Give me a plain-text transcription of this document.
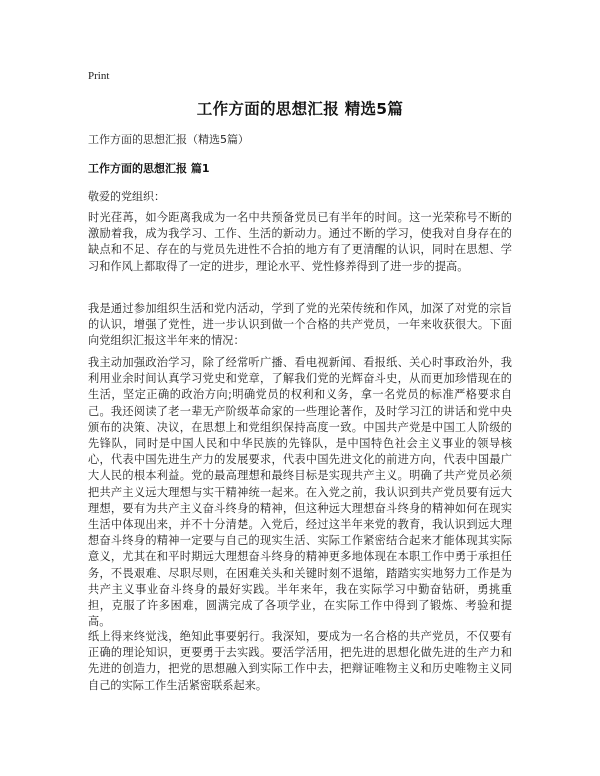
Print
工作方面的思想汇报 精选5篇
工作方面的思想汇报（精选5篇）
工作方面的思想汇报 篇1
敬爱的党组织：

时光荏苒，如今距离我成为一名中共预备党员已有半年的时间。这一光荣称号不断的激励着我，成为我学习、工作、生活的新动力。通过不断的学习，使我对自身存在的缺点和不足、存在的与党员先进性不合拍的地方有了更清醒的认识，同时在思想、学习和作风上都取得了一定的进步，理论水平、党性修养得到了进一步的提高。

我是通过参加组织生活和党内活动，学到了党的光荣传统和作风，加深了对党的宗旨的认识，增强了党性，进一步认识到做一个合格的共产党员，一年来收获很大。下面向党组织汇报这半年来的情况：

我主动加强政治学习，除了经常听广播、看电视新闻、看报纸、关心时事政治外，我利用业余时间认真学习党史和党章，了解我们党的光辉奋斗史，从而更加珍惜现在的生活，坚定正确的政治方向;明确党员的权利和义务，拿一名党员的标准严格要求自己。我还阅读了老一辈无产阶级革命家的一些理论著作，及时学习江的讲话和党中央颁布的决策、决议，在思想上和党组织保持高度一致。中国共产党是中国工人阶级的先锋队，同时是中国人民和中华民族的先锋队，是中国特色社会主义事业的领导核心，代表中国先进生产力的发展要求，代表中国先进文化的前进方向，代表中国最广大人民的根本利益。党的最高理想和最终目标是实现共产主义。明确了共产党员必须把共产主义远大理想与实干精神统一起来。在入党之前，我认识到共产党员要有远大理想，要有为共产主义奋斗终身的精神，但这种远大理想奋斗终身的精神如何在现实生活中体现出来，并不十分清楚。入党后，经过这半年来党的教育，我认识到远大理想奋斗终身的精神一定要与自己的现实生活、实际工作紧密结合起来才能体现其实际意义，尤其在和平时期远大理想奋斗终身的精神更多地体现在本职工作中勇于承担任务，不畏艰难、尽职尽则，在困难关头和关键时刻不退缩，踏踏实实地努力工作是为共产主义事业奋斗终身的最好实践。半年来年，我在实际学习中勤奋钻研，勇挑重担，克服了许多困难，圆满完成了各项学业，在实际工作中得到了锻炼、考验和提高。

纸上得来终觉浅，绝知此事要躬行。我深知，要成为一名合格的共产党员，不仅要有正确的理论知识，更要勇于去实践。要活学活用，把先进的思想化做先进的生产力和先进的创造力，把党的思想融入到实际工作中去，把辩证唯物主义和历史唯物主义同自己的实际工作生活紧密联系起来。
